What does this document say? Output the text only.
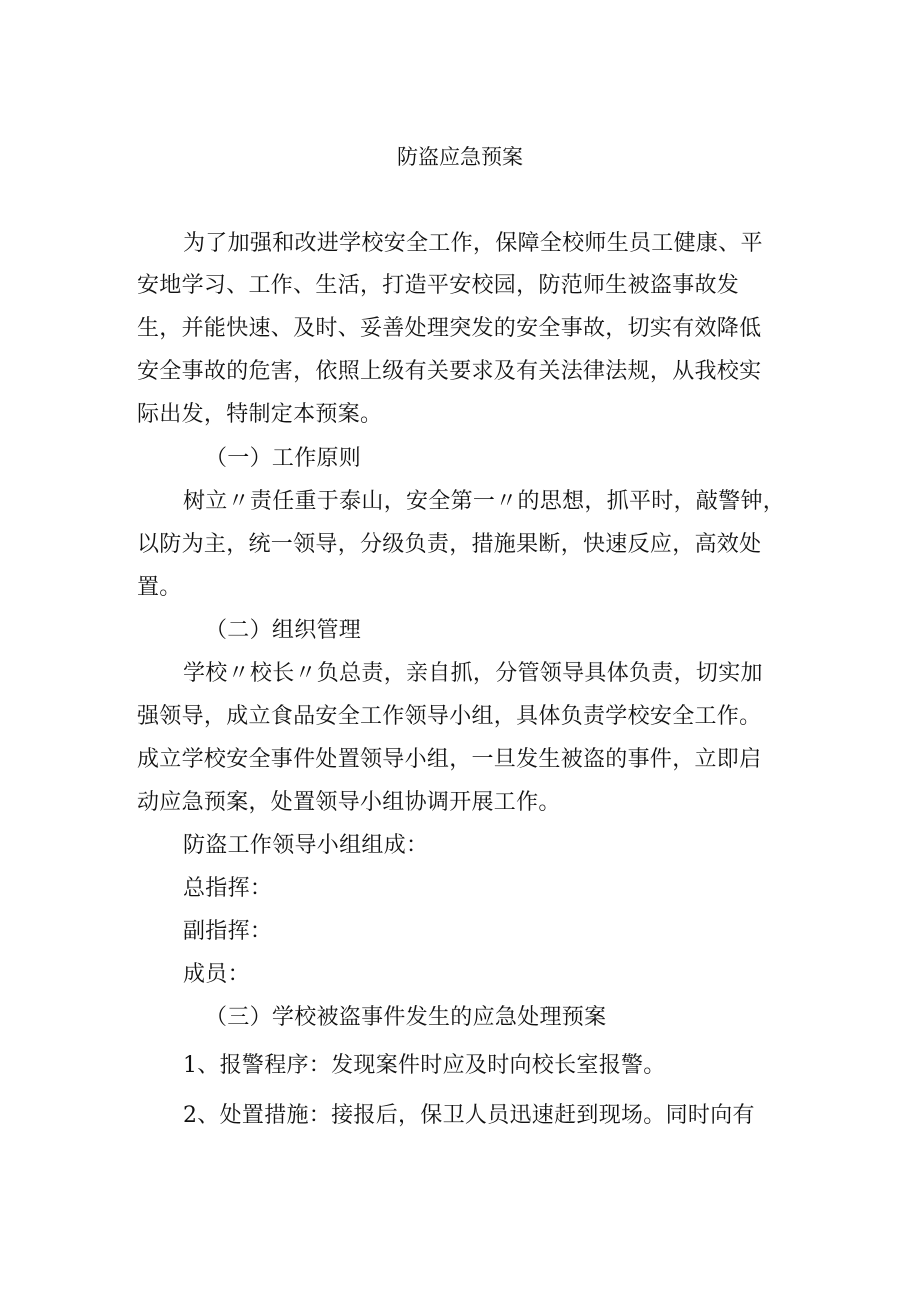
防盗应急预案
为了加强和改进学校安全工作，保障全校师生员工健康、平
安地学习、工作、生活，打造平安校园，防范师生被盗事故发
生，并能快速、及时、妥善处理突发的安全事故，切实有效降低
安全事故的危害，依照上级有关要求及有关法律法规，从我校实
际出发，特制定本预案。
（一）工作原则
树立〃责任重于泰山，安全第一〃的思想，抓平时，敲警钟，
以防为主，统一领导，分级负责，措施果断，快速反应，高效处
置。
（二）组织管理
学校〃校长〃负总责，亲自抓，分管领导具体负责，切实加
强领导，成立食品安全工作领导小组，具体负责学校安全工作。
成立学校安全事件处置领导小组，一旦发生被盗的事件，立即启
动应急预案，处置领导小组协调开展工作。
防盗工作领导小组组成：
总指挥：
副指挥：
成员：
（三）学校被盗事件发生的应急处理预案
1、报警程序：发现案件时应及时向校长室报警。
2、处置措施：接报后，保卫人员迅速赶到现场。同时向有
